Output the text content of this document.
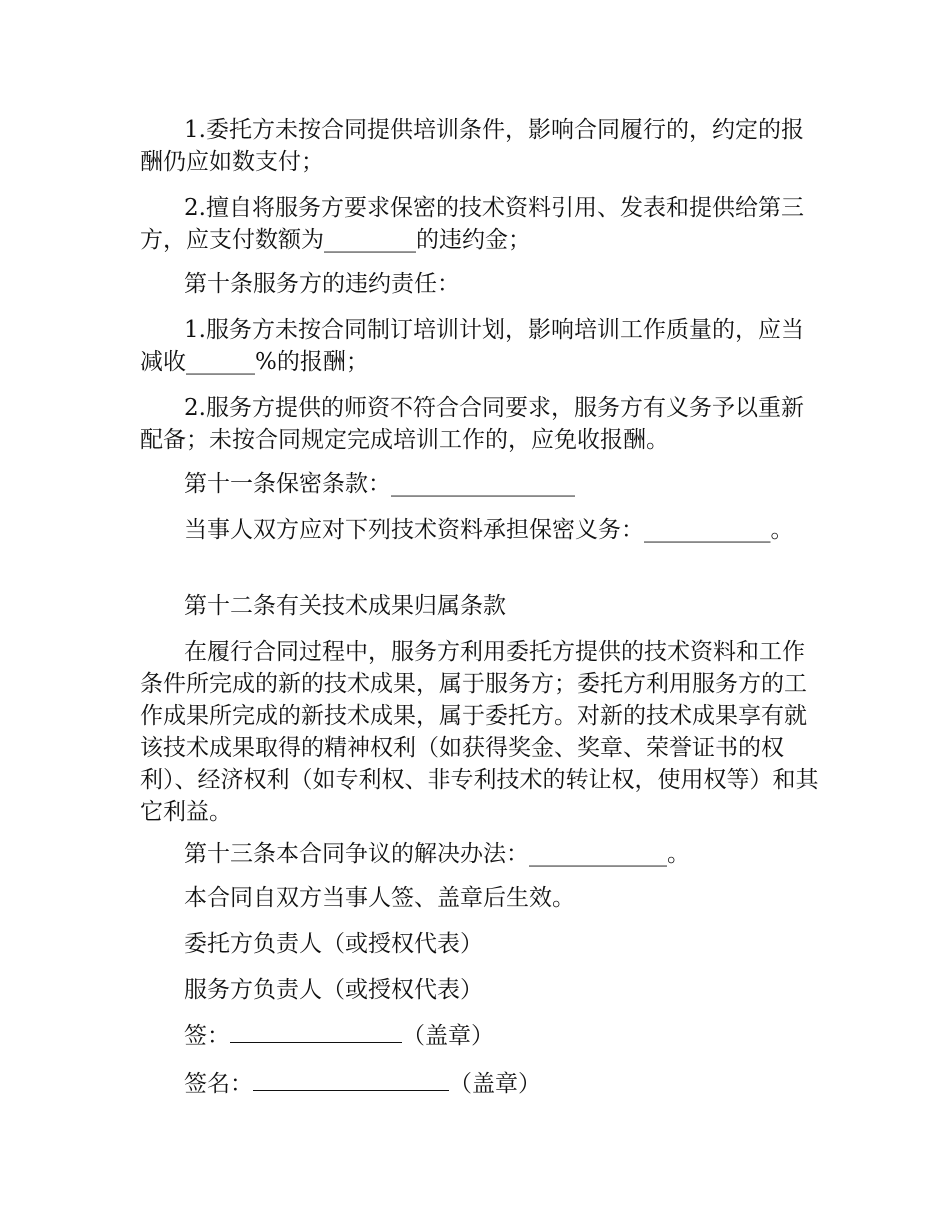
1.委托方未按合同提供培训条件，影响合同履行的，约定的报酬仍应如数支付；

2.擅自将服务方要求保密的技术资料引用、发表和提供给第三方，应支付数额为________的违约金；

第十条服务方的违约责任：

1.服务方未按合同制订培训计划，影响培训工作质量的，应当减收______%的报酬；

2.服务方提供的师资不符合合同要求，服务方有义务予以重新配备；未按合同规定完成培训工作的，应免收报酬。

第十一条保密条款：________________

当事人双方应对下列技术资料承担保密义务：___________。

第十二条有关技术成果归属条款

在履行合同过程中，服务方利用委托方提供的技术资料和工作条件所完成的新的技术成果，属于服务方；委托方利用服务方的工作成果所完成的新技术成果，属于委托方。对新的技术成果享有就该技术成果取得的精神权利（如获得奖金、奖章、荣誉证书的权利）、经济权利（如专利权、非专利技术的转让权，使用权等）和其它利益。

第十三条本合同争议的解决办法：____________。

本合同自双方当事人签、盖章后生效。

委托方负责人（或授权代表）

服务方负责人（或授权代表）

签：	（盖章）

签名：	（盖章）
